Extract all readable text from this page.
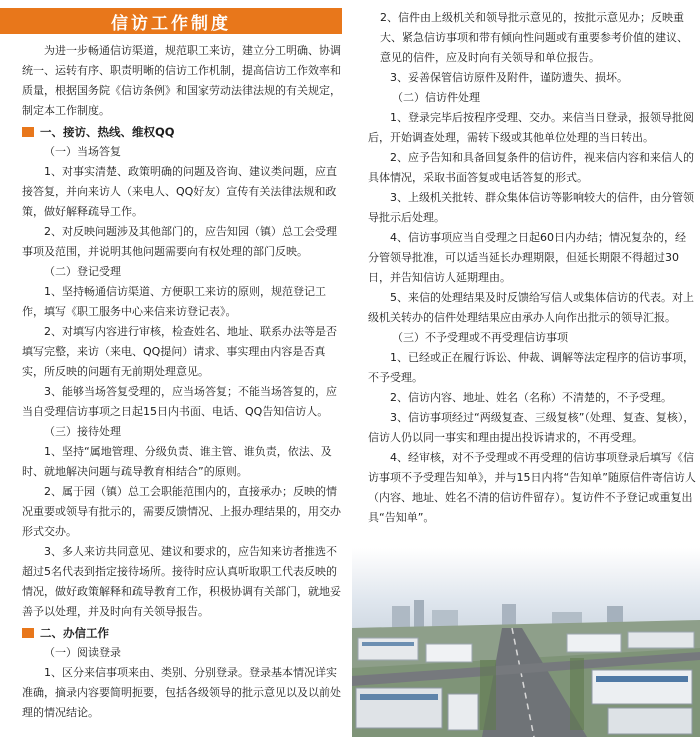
信访工作制度

为进一步畅通信访渠道，规范职工来访，建立分工明确、协调统一、运转有序、职责明晰的信访工作机制，提高信访工作效率和质量，根据国务院《信访条例》和国家劳动法律法规的有关规定，制定本工作制度。

一、接访、热线、维权QQ
（一）当场答复

1、对事实清楚、政策明确的问题及咨询、建议类问题，应直接答复，并向来访人（来电人、QQ好友）宣传有关法律法规和政策，做好解释疏导工作。

2、对反映问题涉及其他部门的，应告知园（镇）总工会受理事项及范围，并说明其他问题需要向有权处理的部门反映。

（二）登记受理

1、坚持畅通信访渠道、方便职工来访的原则，规范登记工作，填写《职工服务中心来信来访登记表》。

2、对填写内容进行审核，检查姓名、地址、联系办法等是否填写完整，来访（来电、QQ提问）请求、事实理由内容是否真实，所反映的问题有无前期处理意见。

3、能够当场答复受理的，应当场答复；不能当场答复的，应当自受理信访事项之日起15日内书面、电话、QQ告知信访人。

（三）接待处理

1、坚持“属地管理、分级负责、谁主管、谁负责，依法、及时、就地解决问题与疏导教育相结合”的原则。

2、属于园（镇）总工会职能范围内的，直接承办；反映的情况重要或领导有批示的，需要反馈情况、上报办理结果的，用交办形式交办。

3、多人来访共同意见、建议和要求的，应告知来访者推选不超过5名代表到指定接待场所。接待时应认真听取职工代表反映的情况，做好政策解释和疏导教育工作，积极协调有关部门，就地妥善予以处理，并及时向有关领导报告。

二、办信工作
（一）阅读登录

1、区分来信事项来由、类别、分别登录。登录基本情况详实准确，摘录内容要简明扼要，包括各级领导的批示意见以及以前处理的情况结论。

2、信件由上级机关和领导批示意见的，按批示意见办；反映重大、紧急信访事项和带有倾向性问题或有重要参考价值的建议、意见的信件，应及时向有关领导和单位报告。

3、妥善保管信访原件及附件，谨防遗失、损坏。

（二）信访件处理

1、登录完毕后按程序受理、交办。来信当日登录，报领导批阅后，开始调查处理，需转下级或其他单位处理的当日转出。

2、应予告知和具备回复条件的信访件，视来信内容和来信人的具体情况，采取书面答复或电话答复的形式。

3、上级机关批转、群众集体信访等影响较大的信件，由分管领导批示后处理。

4、信访事项应当自受理之日起60日内办结；情况复杂的，经分管领导批准，可以适当延长办理期限，但延长期限不得超过30日，并告知信访人延期理由。

5、来信的处理结果及时反馈给写信人或集体信访的代表。对上级机关转办的信件处理结果应由承办人向作出批示的领导汇报。

（三）不予受理或不再受理信访事项

1、已经或正在履行诉讼、仲裁、调解等法定程序的信访事项，不予受理。

2、信访内容、地址、姓名（名称）不清楚的，不予受理。

3、信访事项经过“两级复查、三级复核”（处理、复查、复核），信访人仍以同一事实和理由提出投诉请求的，不再受理。

4、经审核，对不予受理或不再受理的信访事项登录后填写《信访事项不予受理告知单》，并与15日内将“告知单”随原信件寄信访人（内容、地址、姓名不清的信访件留存）。复访件不予登记或重复出具“告知单”。
